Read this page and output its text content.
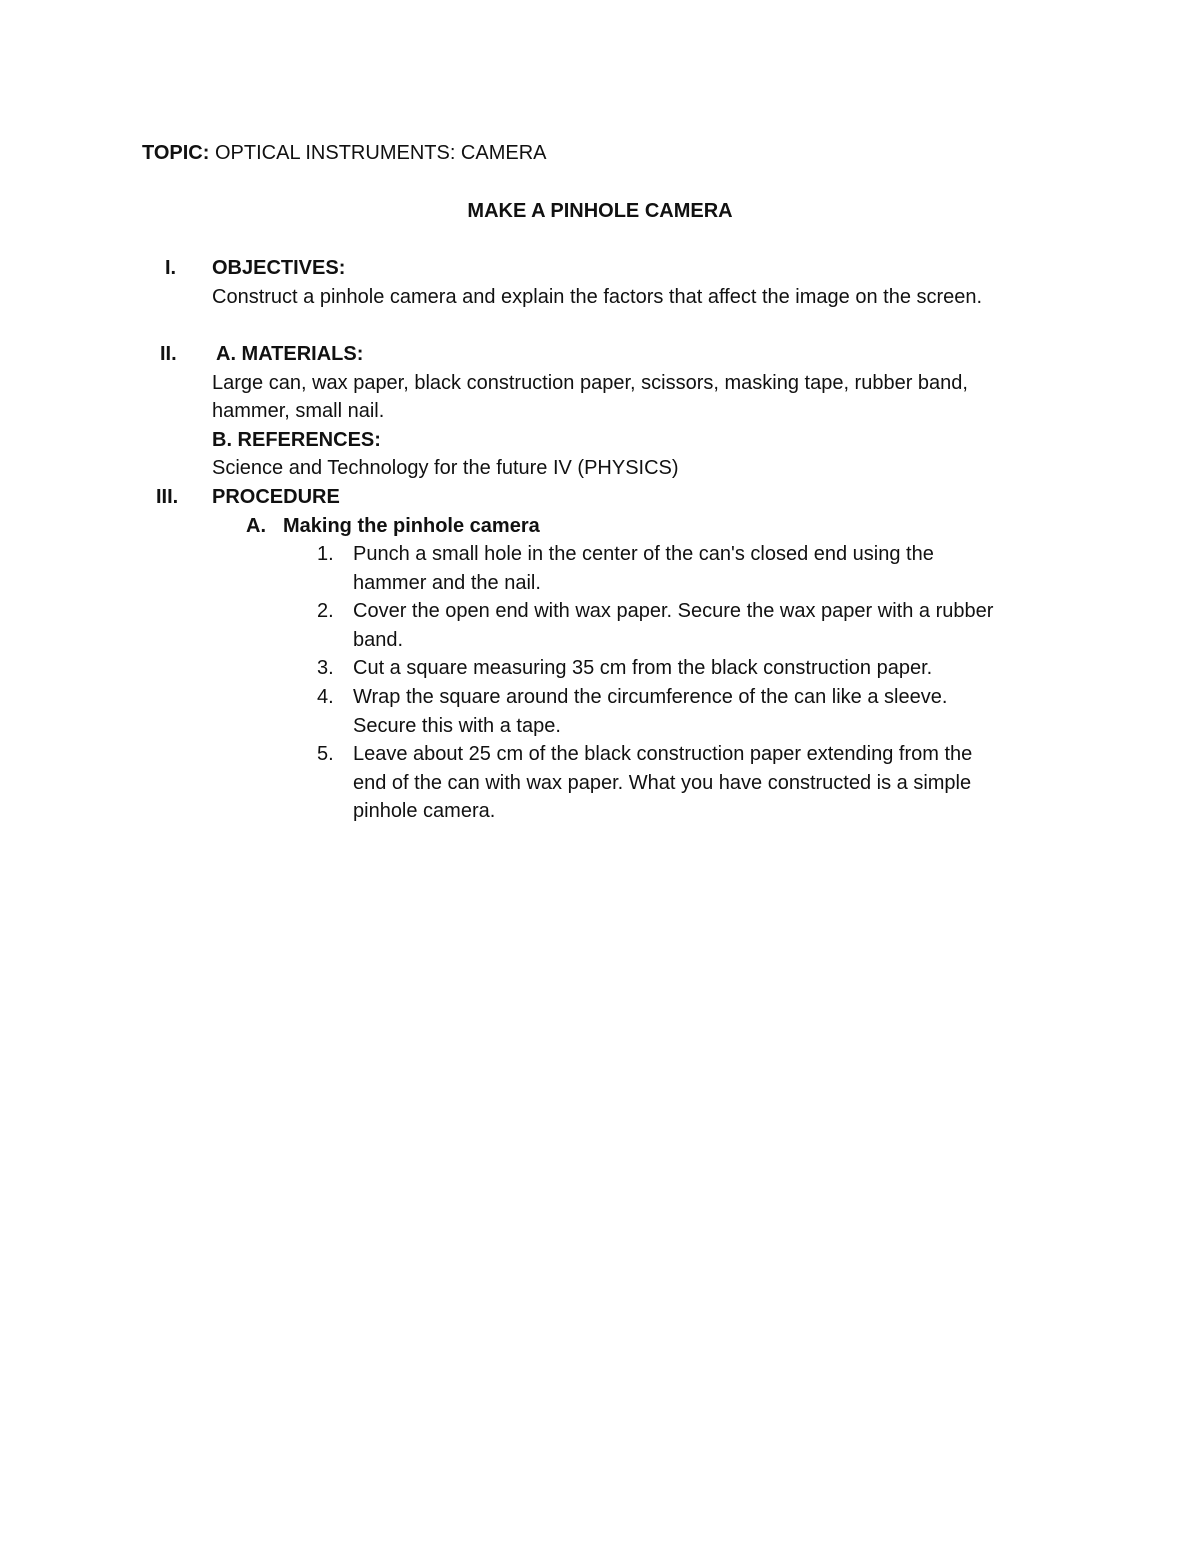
TOPIC: OPTICAL INSTRUMENTS: CAMERA
MAKE A PINHOLE CAMERA
I. OBJECTIVES:
Construct a pinhole camera and explain the factors that affect the image on the screen.
II. A. MATERIALS:
Large can, wax paper, black construction paper, scissors, masking tape, rubber band,
hammer, small nail.
B. REFERENCES:
Science and Technology for the future IV (PHYSICS)
III. PROCEDURE
A. Making the pinhole camera
1. Punch a small hole in the center of the can's closed end using the
hammer and the nail.
2. Cover the open end with wax paper. Secure the wax paper with a rubber
band.
3. Cut a square measuring 35 cm from the black construction paper.
4. Wrap the square around the circumference of the can like a sleeve.
Secure this with a tape.
5. Leave about 25 cm of the black construction paper extending from the
end of the can with wax paper. What you have constructed is a simple
pinhole camera.
